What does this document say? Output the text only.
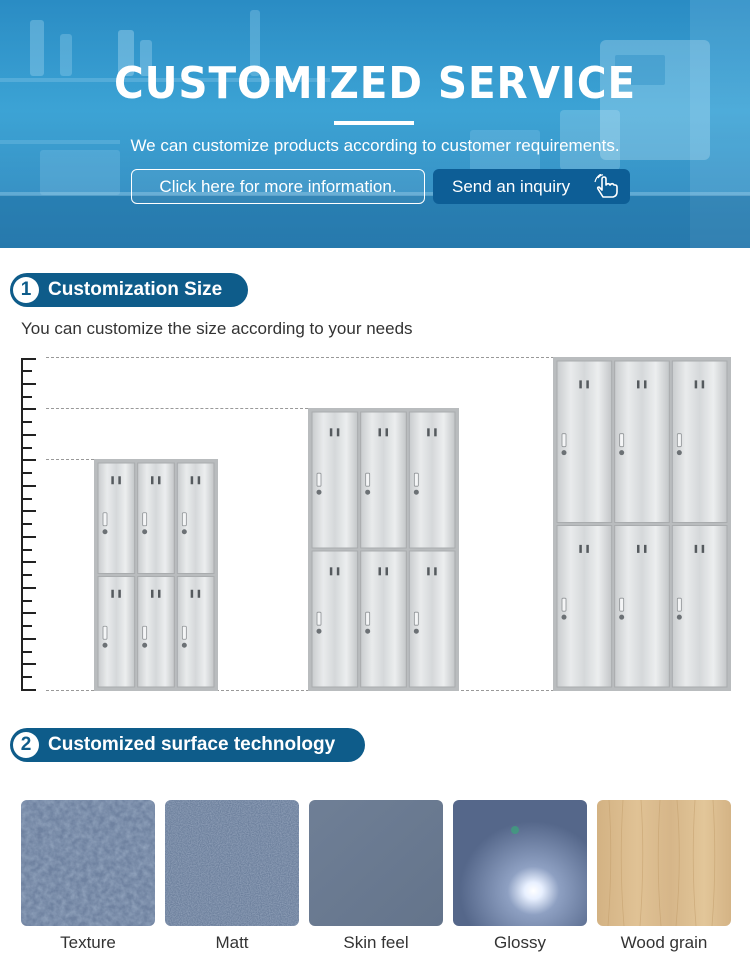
CUSTOMIZED SERVICE
We can customize products according to customer requirements.
Click here for more information.	Send an inquiry
1 Customization Size
You can customize the size according to your needs
2 Customized surface technology
Texture	Matt	Skin feel	Glossy	Wood grain
